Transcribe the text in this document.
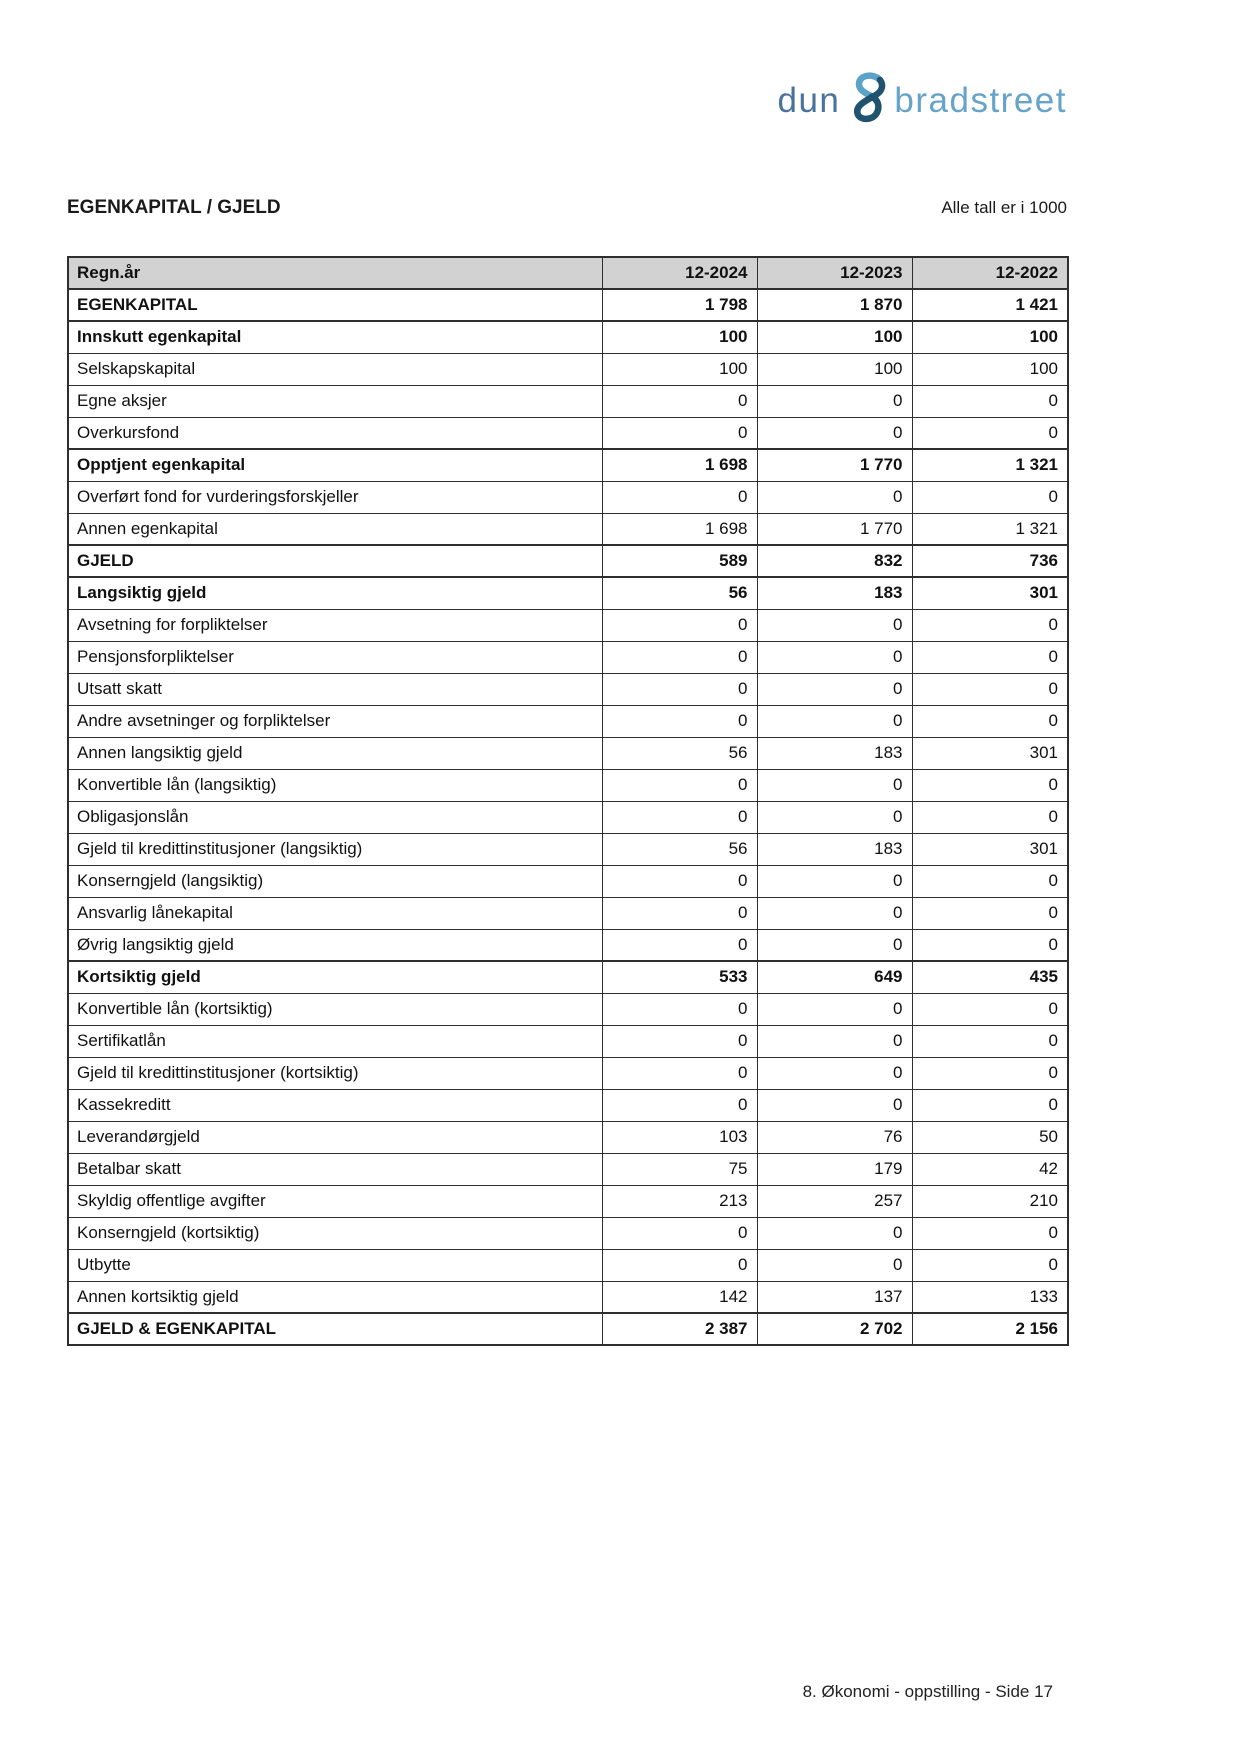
dun bradstreet
EGENKAPITAL / GJELD	Alle tall er i 1000
Regn.år	12-2024	12-2023	12-2022
EGENKAPITAL	1 798	1 870	1 421
Innskutt egenkapital	100	100	100
Selskapskapital	100	100	100
Egne aksjer	0	0	0
Overkursfond	0	0	0
Opptjent egenkapital	1 698	1 770	1 321
Overført fond for vurderingsforskjeller	0	0	0
Annen egenkapital	1 698	1 770	1 321
GJELD	589	832	736
Langsiktig gjeld	56	183	301
Avsetning for forpliktelser	0	0	0
Pensjonsforpliktelser	0	0	0
Utsatt skatt	0	0	0
Andre avsetninger og forpliktelser	0	0	0
Annen langsiktig gjeld	56	183	301
Konvertible lån (langsiktig)	0	0	0
Obligasjonslån	0	0	0
Gjeld til kredittinstitusjoner (langsiktig)	56	183	301
Konserngjeld (langsiktig)	0	0	0
Ansvarlig lånekapital	0	0	0
Øvrig langsiktig gjeld	0	0	0
Kortsiktig gjeld	533	649	435
Konvertible lån (kortsiktig)	0	0	0
Sertifikatlån	0	0	0
Gjeld til kredittinstitusjoner (kortsiktig)	0	0	0
Kassekreditt	0	0	0
Leverandørgjeld	103	76	50
Betalbar skatt	75	179	42
Skyldig offentlige avgifter	213	257	210
Konserngjeld (kortsiktig)	0	0	0
Utbytte	0	0	0
Annen kortsiktig gjeld	142	137	133
GJELD & EGENKAPITAL	2 387	2 702	2 156
8. Økonomi - oppstilling - Side 17
